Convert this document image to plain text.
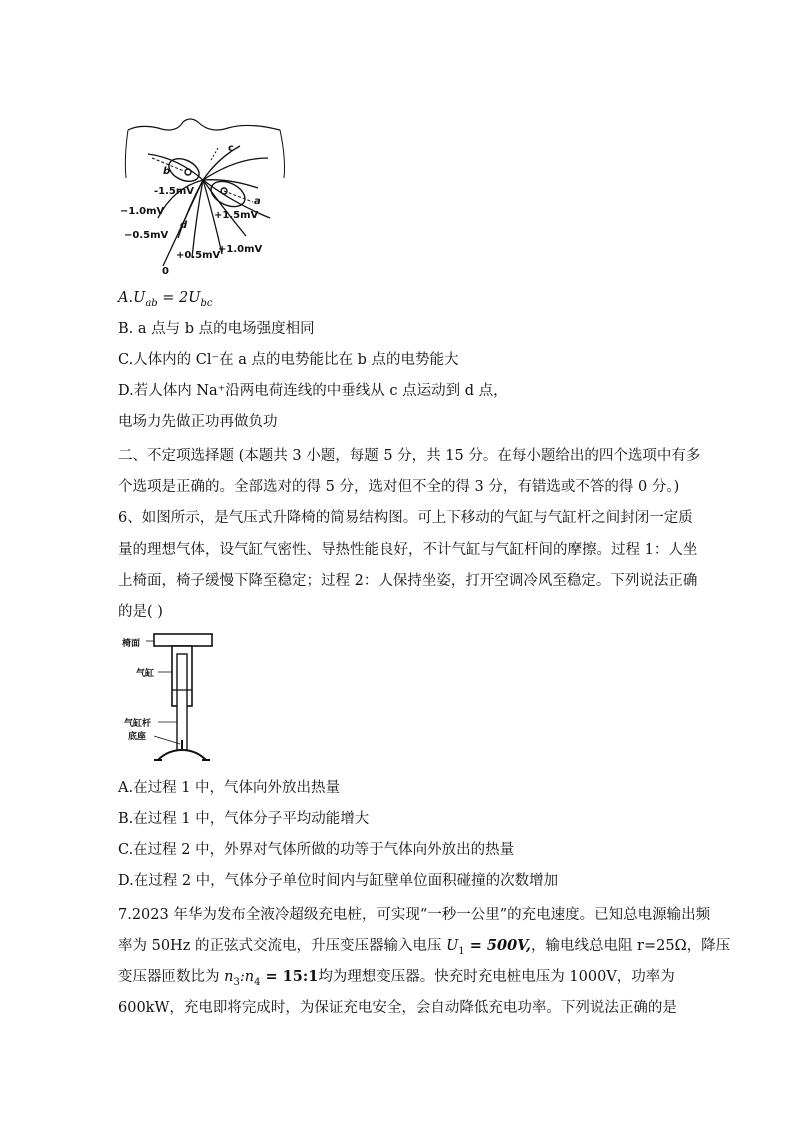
c
b
a
d
0
-1.5mV
−1.0mV
−0.5mV
+1.5mV
+0.5mV
+1.0mV
$A.U_{ab} = 2U_{bc}$
B. a 点与 b 点的电场强度相同
C.人体内的 Cl⁻在 a 点的电势能比在 b 点的电势能大
D.若人体内 Na⁺沿两电荷连线的中垂线从 c 点运动到 d 点，
电场力先做正功再做负功
二、不定项选择题 (本题共 3 小题，每题 5 分，共 15 分。在每小题给出的四个选项中有多
个选项是正确的。全部选对的得 5 分，选对但不全的得 3 分，有错选或不答的得 0 分。)
6、如图所示，是气压式升降椅的简易结构图。可上下移动的气缸与气缸杆之间封闭一定质
量的理想气体，设气缸气密性、导热性能良好，不计气缸与气缸杆间的摩擦。过程 1：人坐
上椅面，椅子缓慢下降至稳定；过程 2：人保持坐姿，打开空调冷风至稳定。下列说法正确
的是( )
椅面
气缸
气缸杆
底座
A.在过程 1 中，气体向外放出热量
B.在过程 1 中，气体分子平均动能增大
C.在过程 2 中，外界对气体所做的功等于气体向外放出的热量
D.在过程 2 中，气体分子单位时间内与缸壁单位面积碰撞的次数增加
7.2023 年华为发布全液冷超级充电桩，可实现“一秒一公里”的充电速度。已知总电源输出频
率为 50Hz 的正弦式交流电，升压变压器输入电压 $U_1 = 500V$,，输电线总电阻 r=25Ω，降压
变压器匝数比为 $n_3:n_4$ = 15:1均为理想变压器。快充时充电桩电压为 1000V，功率为
600kW，充电即将完成时，为保证充电安全，会自动降低充电功率。下列说法正确的是
